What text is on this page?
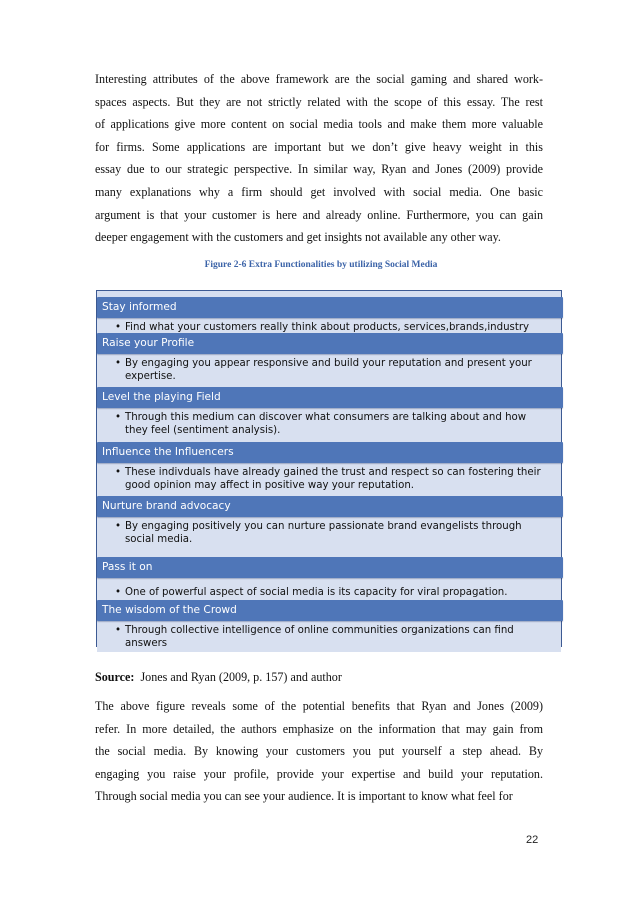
Interesting attributes of the above framework are the social gaming and shared work-
spaces aspects. But they are not strictly related with the scope of this essay. The rest
of applications give more content on social media tools and make them more valuable
for firms. Some applications are important but we don’t give heavy weight in this
essay due to our strategic perspective. In similar way, Ryan and Jones (2009) provide
many explanations why a firm should get involved with social media. One basic
argument is that your customer is here and already online. Furthermore, you can gain
deeper engagement with the customers and get insights not available any other way.
Figure 2-6 Extra Functionalities by utilizing Social Media
Stay informed
• Find what your customers really think about products, services,brands,industry
Raise your Profile
• By engaging you appear responsive and build your reputation and present your expertise.
Level the playing Field
• Through this medium can discover what consumers are talking about and how they feel (sentiment analysis).
Influence the Influencers
• These indivduals have already gained the trust and respect so can fostering their good opinion may affect in positive way your reputation.
Nurture brand advocacy
• By engaging positively you can nurture passionate brand evangelists through social media.
Pass it on
• One of powerful aspect of social media is its capacity for viral propagation.
The wisdom of the Crowd
• Through collective intelligence of online communities organizations can find answers
Source: Jones and Ryan (2009, p. 157) and author
The above figure reveals some of the potential benefits that Ryan and Jones (2009)
refer. In more detailed, the authors emphasize on the information that may gain from
the social media. By knowing your customers you put yourself a step ahead. By
engaging you raise your profile, provide your expertise and build your reputation.
Through social media you can see your audience. It is important to know what feel for
22
